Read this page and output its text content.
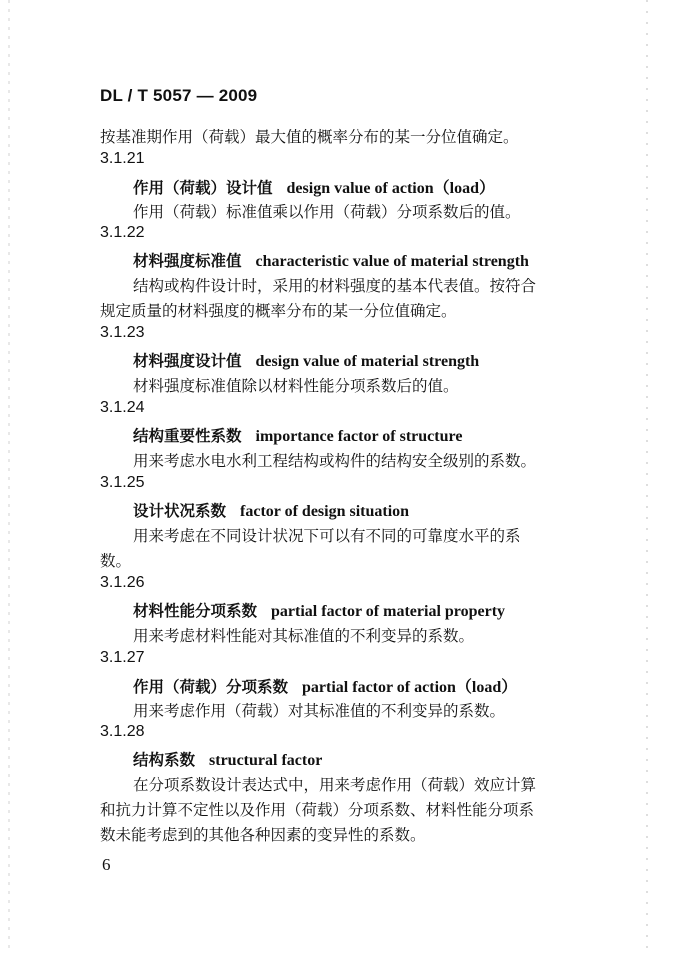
DL / T 5057 — 2009
按基准期作用（荷载）最大值的概率分布的某一分位值确定。
3.1.21
作用（荷载）设计值 design value of action（load）
作用（荷载）标准值乘以作用（荷载）分项系数后的值。
3.1.22
材料强度标准值 characteristic value of material strength
结构或构件设计时，采用的材料强度的基本代表值。按符合
规定质量的材料强度的概率分布的某一分位值确定。
3.1.23
材料强度设计值 design value of material strength
材料强度标准值除以材料性能分项系数后的值。
3.1.24
结构重要性系数 importance factor of structure
用来考虑水电水利工程结构或构件的结构安全级别的系数。
3.1.25
设计状况系数 factor of design situation
用来考虑在不同设计状况下可以有不同的可靠度水平的系
数。
3.1.26
材料性能分项系数 partial factor of material property
用来考虑材料性能对其标准值的不利变异的系数。
3.1.27
作用（荷载）分项系数 partial factor of action（load）
用来考虑作用（荷载）对其标准值的不利变异的系数。
3.1.28
结构系数 structural factor
在分项系数设计表达式中，用来考虑作用（荷载）效应计算
和抗力计算不定性以及作用（荷载）分项系数、材料性能分项系
数未能考虑到的其他各种因素的变异性的系数。
6
